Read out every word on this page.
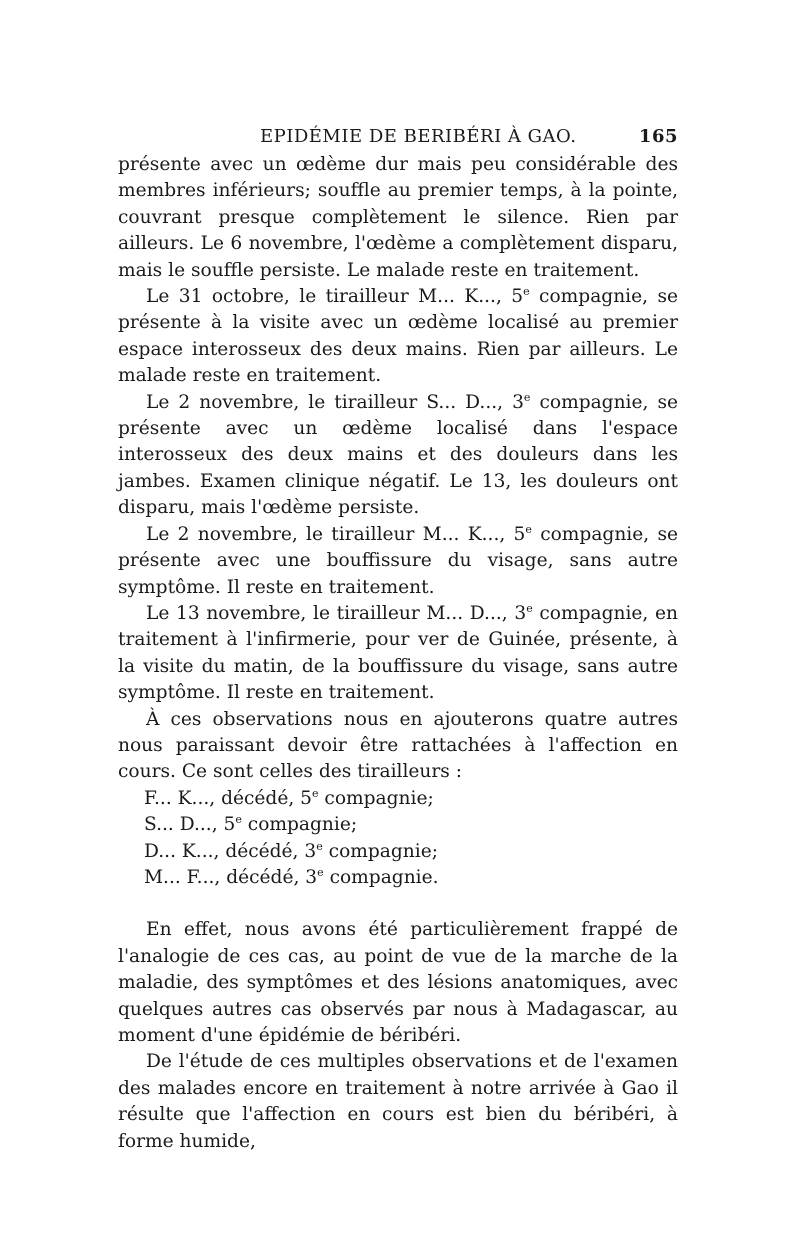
EPIDÉMIE DE BERIBÉRI À GAO.	165

présente avec un œdème dur mais peu considérable des membres inférieurs; souffle au premier temps, à la pointe, couvrant presque complètement le silence. Rien par ailleurs. Le 6 novembre, l'œdème a complètement disparu, mais le souffle persiste. Le malade reste en traitement.

Le 31 octobre, le tirailleur M... K..., 5e compagnie, se présente à la visite avec un œdème localisé au premier espace interosseux des deux mains. Rien par ailleurs. Le malade reste en traitement.

Le 2 novembre, le tirailleur S... D..., 3e compagnie, se présente avec un œdème localisé dans l'espace interosseux des deux mains et des douleurs dans les jambes. Examen clinique négatif. Le 13, les douleurs ont disparu, mais l'œdème persiste.

Le 2 novembre, le tirailleur M... K..., 5e compagnie, se présente avec une bouffissure du visage, sans autre symptôme. Il reste en traitement.

Le 13 novembre, le tirailleur M... D..., 3e compagnie, en traitement à l'infirmerie, pour ver de Guinée, présente, à la visite du matin, de la bouffissure du visage, sans autre symptôme. Il reste en traitement.

À ces observations nous en ajouterons quatre autres nous paraissant devoir être rattachées à l'affection en cours. Ce sont celles des tirailleurs :

F... K..., décédé, 5e compagnie;
S... D..., 5e compagnie;
D... K..., décédé, 3e compagnie;
M... F..., décédé, 3e compagnie.

En effet, nous avons été particulièrement frappé de l'analogie de ces cas, au point de vue de la marche de la maladie, des symptômes et des lésions anatomiques, avec quelques autres cas observés par nous à Madagascar, au moment d'une épidémie de béribéri.

De l'étude de ces multiples observations et de l'examen des malades encore en traitement à notre arrivée à Gao il résulte que l'affection en cours est bien du béribéri, à forme humide,
